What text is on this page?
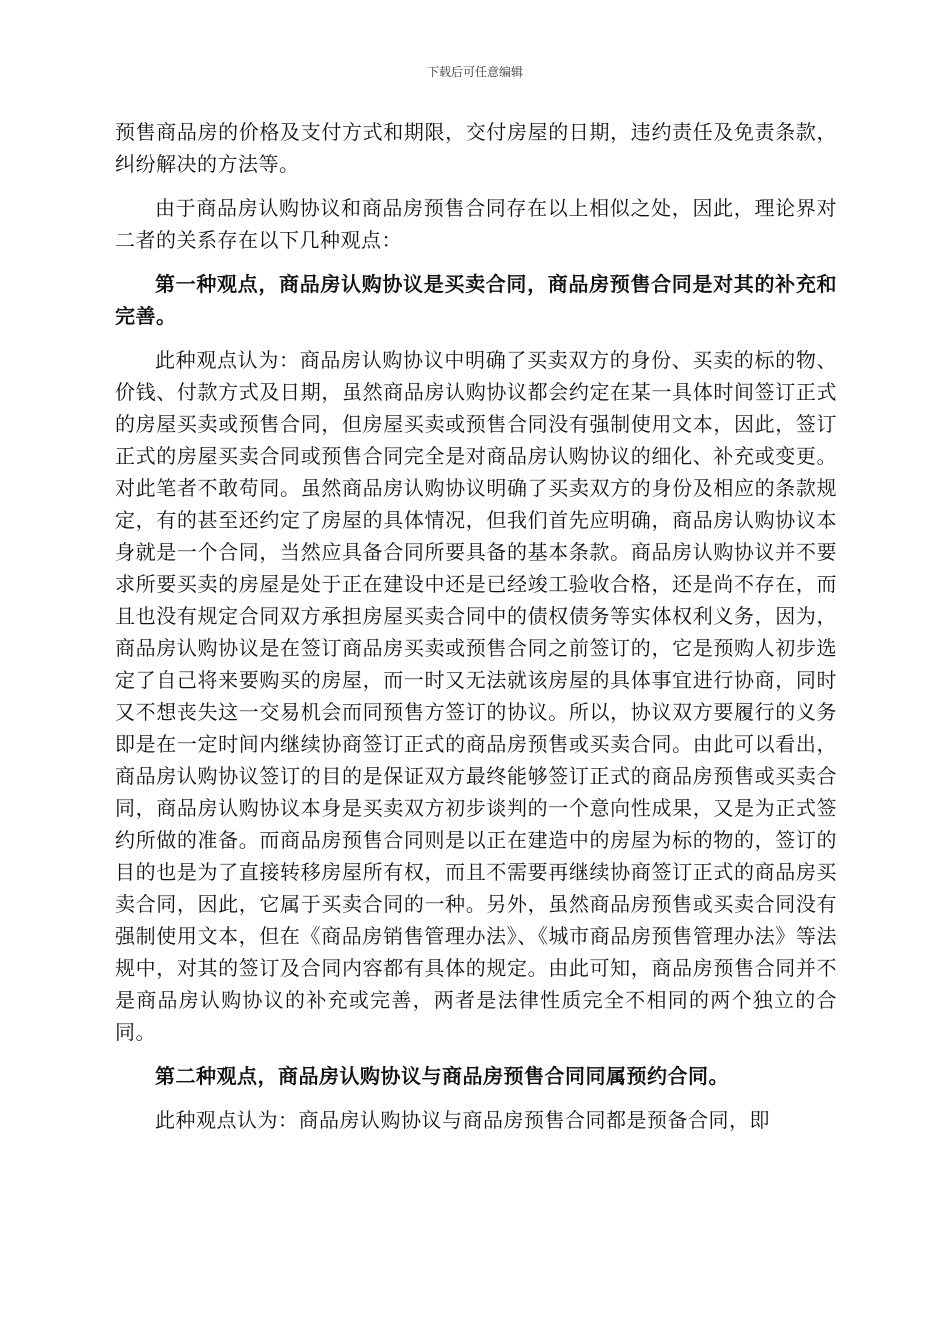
下载后可任意编辑

预售商品房的价格及支付方式和期限，交付房屋的日期，违约责任及免责条款，纠纷解决的方法等。

由于商品房认购协议和商品房预售合同存在以上相似之处，因此，理论界对二者的关系存在以下几种观点：

第一种观点，商品房认购协议是买卖合同，商品房预售合同是对其的补充和完善。

此种观点认为：商品房认购协议中明确了买卖双方的身份、买卖的标的物、价钱、付款方式及日期，虽然商品房认购协议都会约定在某一具体时间签订正式的房屋买卖或预售合同，但房屋买卖或预售合同没有强制使用文本，因此，签订正式的房屋买卖合同或预售合同完全是对商品房认购协议的细化、补充或变更。对此笔者不敢苟同。虽然商品房认购协议明确了买卖双方的身份及相应的条款规定，有的甚至还约定了房屋的具体情况，但我们首先应明确，商品房认购协议本身就是一个合同，当然应具备合同所要具备的基本条款。商品房认购协议并不要求所要买卖的房屋是处于正在建设中还是已经竣工验收合格，还是尚不存在，而且也没有规定合同双方承担房屋买卖合同中的债权债务等实体权利义务，因为，商品房认购协议是在签订商品房买卖或预售合同之前签订的，它是预购人初步选定了自己将来要购买的房屋，而一时又无法就该房屋的具体事宜进行协商，同时又不想丧失这一交易机会而同预售方签订的协议。所以，协议双方要履行的义务即是在一定时间内继续协商签订正式的商品房预售或买卖合同。由此可以看出，商品房认购协议签订的目的是保证双方最终能够签订正式的商品房预售或买卖合同，商品房认购协议本身是买卖双方初步谈判的一个意向性成果，又是为正式签约所做的准备。而商品房预售合同则是以正在建造中的房屋为标的物的，签订的目的也是为了直接转移房屋所有权，而且不需要再继续协商签订正式的商品房买卖合同，因此，它属于买卖合同的一种。另外，虽然商品房预售或买卖合同没有强制使用文本，但在《商品房销售管理办法》、《城市商品房预售管理办法》等法规中，对其的签订及合同内容都有具体的规定。由此可知，商品房预售合同并不是商品房认购协议的补充或完善，两者是法律性质完全不相同的两个独立的合同。

第二种观点，商品房认购协议与商品房预售合同同属预约合同。

此种观点认为：商品房认购协议与商品房预售合同都是预备合同，即
